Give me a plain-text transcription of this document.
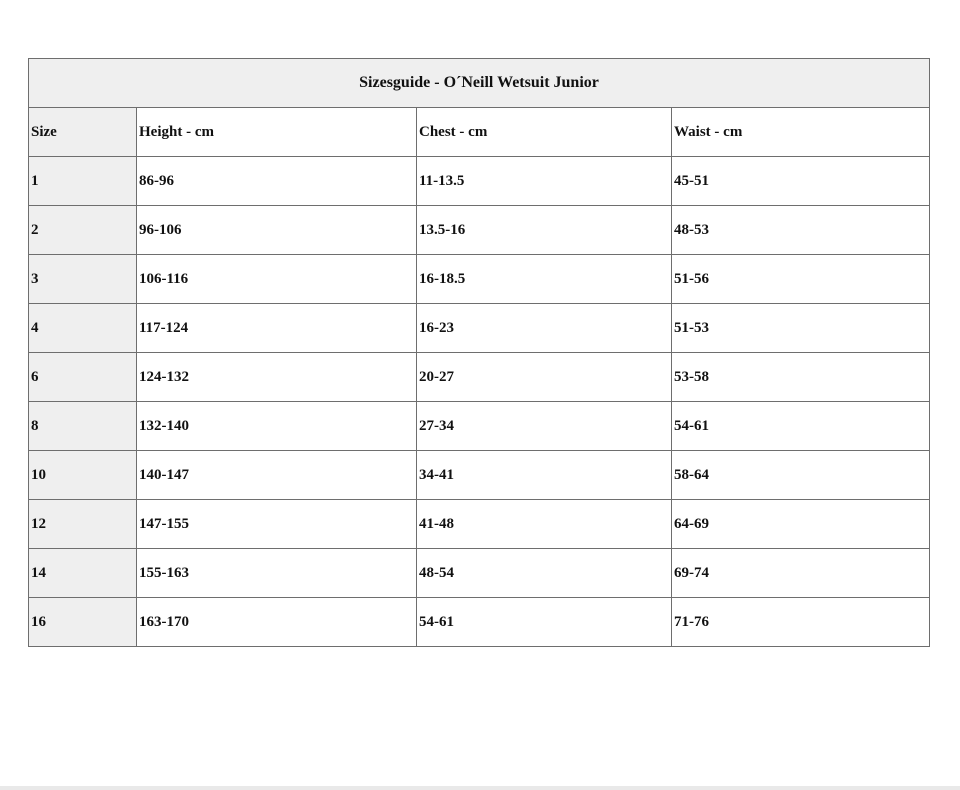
Sizesguide - O´Neill Wetsuit Junior			
Size	Height - cm	Chest - cm	Waist - cm
1	86-96	11-13.5	45-51
2	96-106	13.5-16	48-53
3	106-116	16-18.5	51-56
4	117-124	16-23	51-53
6	124-132	20-27	53-58
8	132-140	27-34	54-61
10	140-147	34-41	58-64
12	147-155	41-48	64-69
14	155-163	48-54	69-74
16	163-170	54-61	71-76
